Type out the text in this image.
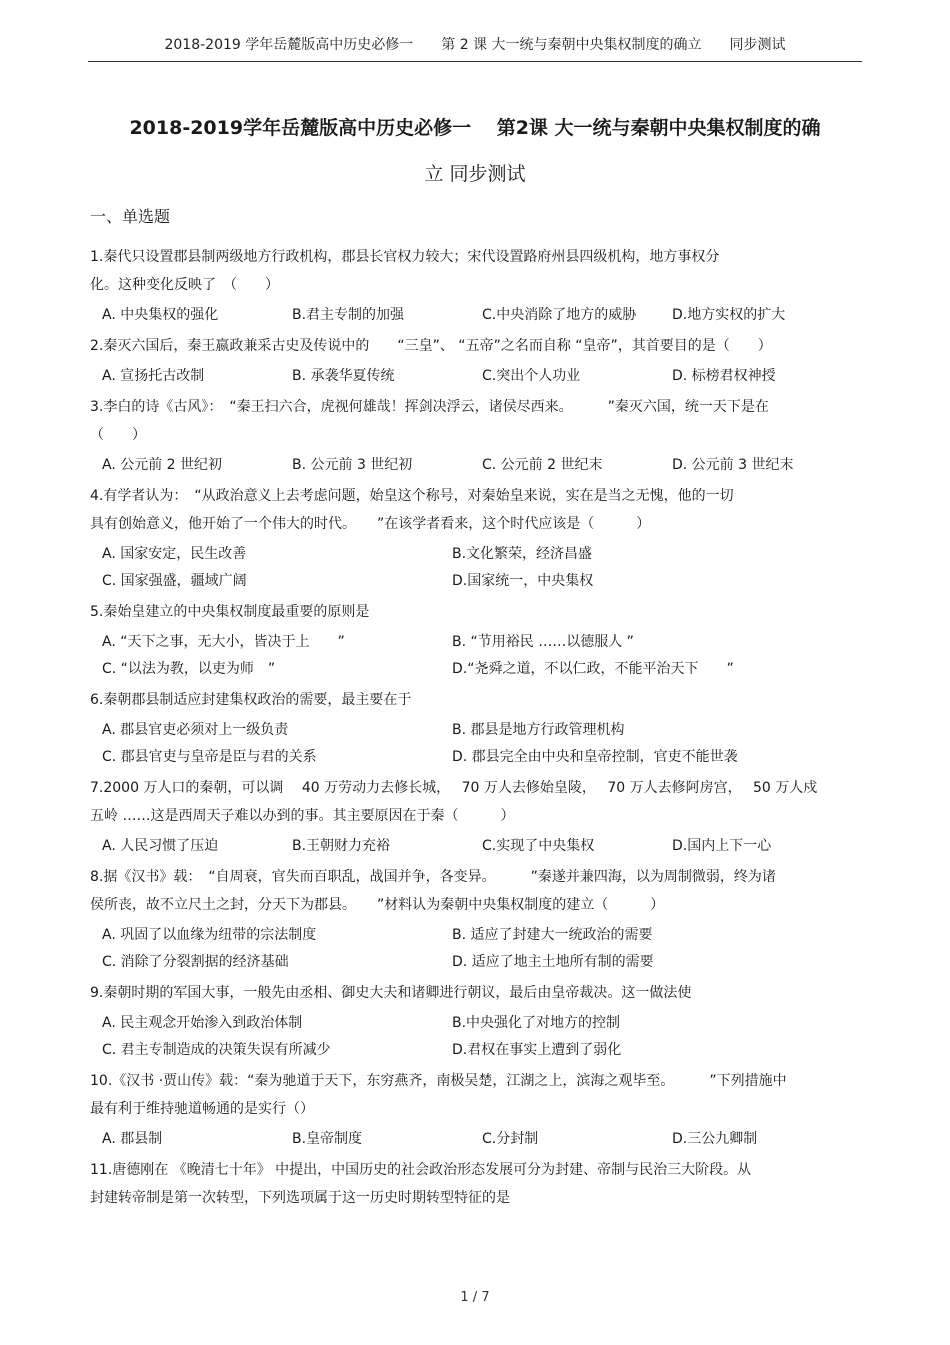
2018-2019 学年岳麓版高中历史必修一　　第 2 课 大一统与秦朝中央集权制度的确立　　同步测试
2018-2019学年岳麓版高中历史必修一　 第2课 大一统与秦朝中央集权制度的确
立 同步测试
一、单选题

1.秦代只设置郡县制两级地方行政机构，郡县长官权力较大；宋代设置路府州县四级机构，地方事权分
化。这种变化反映了　（　　）

A. 中央集权的强化	B.君主专制的加强	C.中央消除了地方的威胁	D.地方实权的扩大

2.秦灭六国后，秦王嬴政兼采古史及传说中的　　“三皇”、 “五帝”之名而自称 “皇帝”，其首要目的是（　　）

A. 宣扬托古改制	B. 承袭华夏传统	C.突出个人功业	D. 标榜君权神授

3.李白的诗《古风》：　“秦王扫六合，虎视何雄哉！挥剑决浮云，诸侯尽西来。　　　”秦灭六国，统一天下是在
（　　）

A. 公元前 2 世纪初	B. 公元前 3 世纪初	C. 公元前 2 世纪末	D. 公元前 3 世纪末

4.有学者认为：　“从政治意义上去考虑问题，始皇这个称号，对秦始皇来说，实在是当之无愧，他的一切
具有创始意义，他开始了一个伟大的时代。　　”在该学者看来，这个时代应该是（　　　）

A. 国家安定，民生改善	B.文化繁荣，经济昌盛
C. 国家强盛，疆域广阔	D.国家统一，中央集权

5.秦始皇建立的中央集权制度最重要的原则是

A. “天下之事，无大小，皆决于上　　”	B. “节用裕民 ……以德服人 ”
C. “以法为教，以吏为师　”	D.“尧舜之道，不以仁政，不能平治天下　　”

6.秦朝郡县制适应封建集权政治的需要，最主要在于

A. 郡县官吏必须对上一级负责	B. 郡县是地方行政管理机构
C. 郡县官吏与皇帝是臣与君的关系	D. 郡县完全由中央和皇帝控制，官吏不能世袭

7.2000 万人口的秦朝，可以调　 40 万劳动力去修长城，　 70 万人去修始皇陵，　 70 万人去修阿房宫，　 50 万人戍
五岭 ……这是西周天子难以办到的事。其主要原因在于秦（　　　）

A. 人民习惯了压迫	B.王朝财力充裕	C.实现了中央集权	D.国内上下一心

8.据《汉书》载：　“自周衰，官失而百职乱，战国并争，各变异。　　　”秦遂并兼四海，以为周制微弱，终为诸
侯所丧，故不立尺土之封，分天下为郡县。　　”材料认为秦朝中央集权制度的建立（　　　）

A. 巩固了以血缘为纽带的宗法制度	B. 适应了封建大一统政治的需要
C. 消除了分裂割据的经济基础	D. 适应了地主土地所有制的需要

9.秦朝时期的军国大事，一般先由丞相、御史大夫和诸卿进行朝议，最后由皇帝裁决。这一做法使

A. 民主观念开始渗入到政治体制	B.中央强化了对地方的控制
C. 君主专制造成的决策失误有所减少	D.君权在事实上遭到了弱化

10.《汉书 ·贾山传》载：“秦为驰道于天下，东穷燕齐，南极吴楚，江湖之上，滨海之观毕至。　　　”下列措施中
最有利于维持驰道畅通的是实行（）

A. 郡县制	B.皇帝制度	C.分封制	D.三公九卿制

11.唐德刚在 《晚清七十年》 中提出，中国历史的社会政治形态发展可分为封建、帝制与民治三大阶段。从
封建转帝制是第一次转型，下列选项属于这一历史时期转型特征的是

1 / 7
